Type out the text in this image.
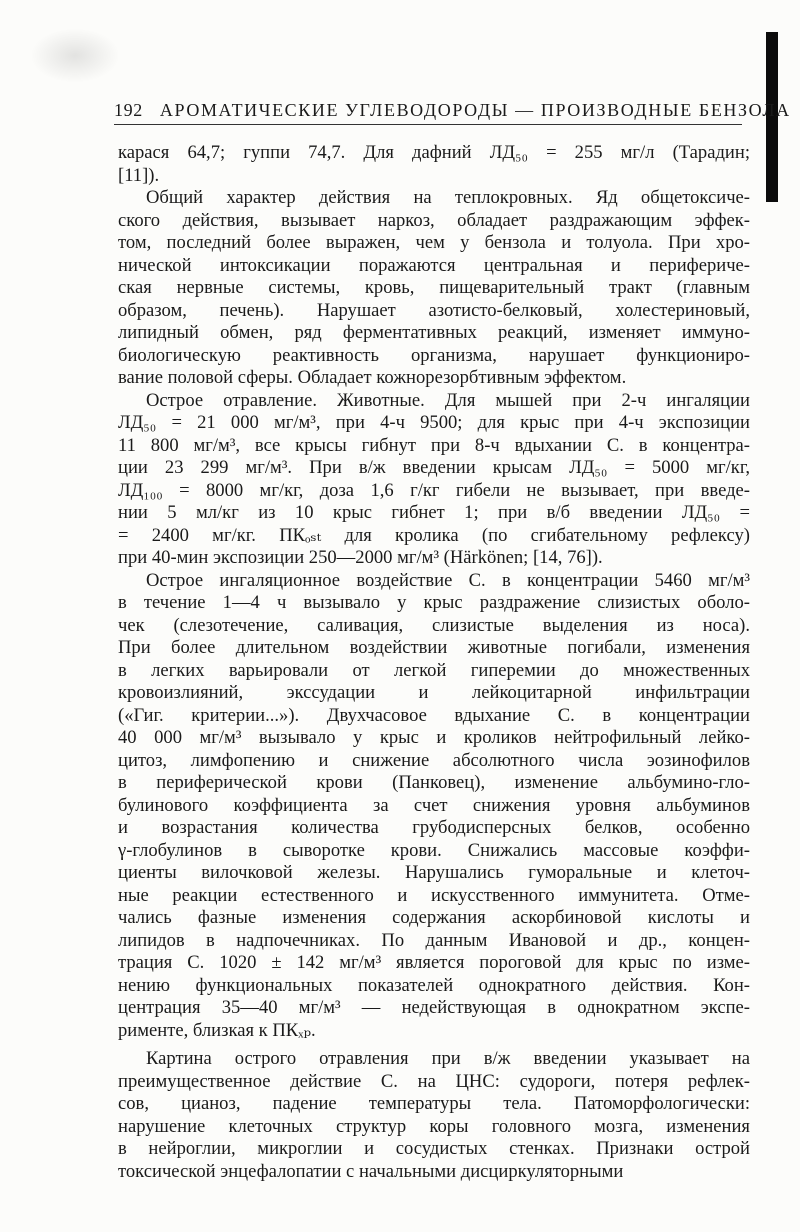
192 АРОМАТИЧЕСКИЕ УГЛЕВОДОРОДЫ — ПРОИЗВОДНЫЕ БЕНЗОЛА
карася 64,7; гуппи 74,7. Для дафний ЛД₅₀ = 255 мг/л (Тарадин;
[11]).
Общий характер действия на теплокровных. Яд общетоксиче-
ского действия, вызывает наркоз, обладает раздражающим эффек-
том, последний более выражен, чем у бензола и толуола. При хро-
нической интоксикации поражаются центральная и перифериче-
ская нервные системы, кровь, пищеварительный тракт (главным
образом, печень). Нарушает азотисто-белковый, холестериновый,
липидный обмен, ряд ферментативных реакций, изменяет иммуно-
биологическую реактивность организма, нарушает функциониро-
вание половой сферы. Обладает кожнорезорбтивным эффектом.
Острое отравление. Животные. Для мышей при 2-ч ингаляции
ЛД₅₀ = 21 000 мг/м³, при 4-ч 9500; для крыс при 4-ч экспозиции
11 800 мг/м³, все крысы гибнут при 8-ч вдыхании С. в концентра-
ции 23 299 мг/м³. При в/ж введении крысам ЛД₅₀ = 5000 мг/кг,
ЛД₁₀₀ = 8000 мг/кг, доза 1,6 г/кг гибели не вызывает, при введе-
нии 5 мл/кг из 10 крыс гибнет 1; при в/б введении ЛД₅₀ =
= 2400 мг/кг. ПКₒₛₜ для кролика (по сгибательному рефлексу)
при 40-мин экспозиции 250—2000 мг/м³ (Härkönen; [14, 76]).
Острое ингаляционное воздействие С. в концентрации 5460 мг/м³
в течение 1—4 ч вызывало у крыс раздражение слизистых оболо-
чек (слезотечение, саливация, слизистые выделения из носа).
При более длительном воздействии животные погибали, изменения
в легких варьировали от легкой гиперемии до множественных
кровоизлияний, экссудации и лейкоцитарной инфильтрации
(«Гиг. критерии...»). Двухчасовое вдыхание С. в концентрации
40 000 мг/м³ вызывало у крыс и кроликов нейтрофильный лейко-
цитоз, лимфопению и снижение абсолютного числа эозинофилов
в периферической крови (Панковец), изменение альбумино-гло-
булинового коэффициента за счет снижения уровня альбуминов
и возрастания количества грубодисперсных белков, особенно
γ-глобулинов в сыворотке крови. Снижались массовые коэффи-
циенты вилочковой железы. Нарушались гуморальные и клеточ-
ные реакции естественного и искусственного иммунитета. Отме-
чались фазные изменения содержания аскорбиновой кислоты и
липидов в надпочечниках. По данным Ивановой и др., концен-
трация С. 1020 ± 142 мг/м³ является пороговой для крыс по изме-
нению функциональных показателей однократного действия. Кон-
центрация 35—40 мг/м³ — недействующая в однократном экспе-
рименте, близкая к ПКₓₚ.
Картина острого отравления при в/ж введении указывает на
преимущественное действие С. на ЦНС: судороги, потеря рефлек-
сов, цианоз, падение температуры тела. Патоморфологически:
нарушение клеточных структур коры головного мозга, изменения
в нейроглии, микроглии и сосудистых стенках. Признаки острой
токсической энцефалопатии с начальными дисциркуляторными
